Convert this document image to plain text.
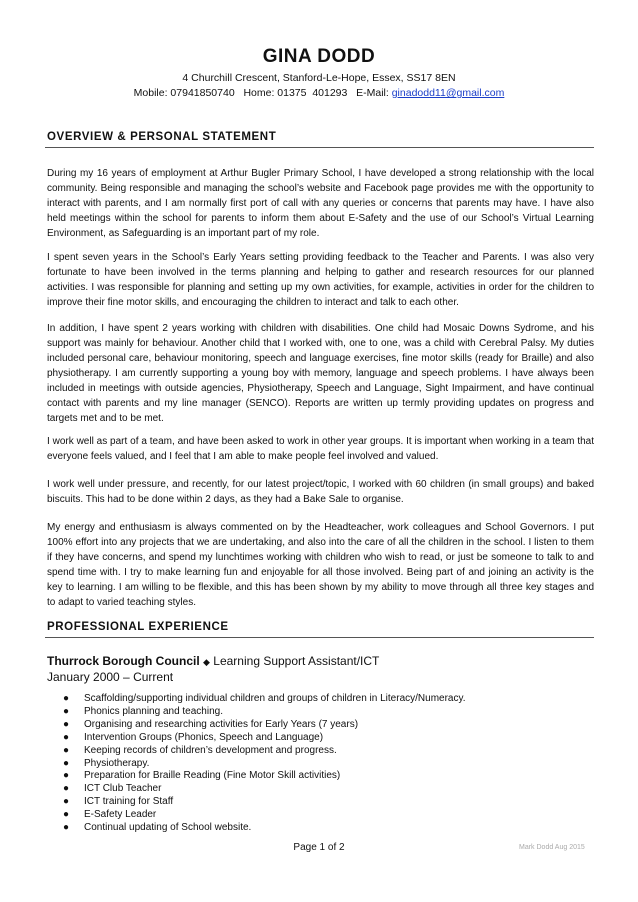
GINA DODD
4 Churchill Crescent, Stanford-Le-Hope, Essex, SS17 8EN
Mobile: 07941850740 Home: 01375  401293 E-Mail: ginadodd11@gmail.com
OVERVIEW & PERSONAL STATEMENT
During my 16 years of employment at Arthur Bugler Primary School, I have developed a strong relationship with the local community. Being responsible and managing the school’s website and Facebook page provides me with the opportunity to interact with parents, and I am normally first port of call with any queries or concerns that parents may have. I have also held meetings within the school for parents to inform them about E-Safety and the use of our School’s Virtual Learning Environment, as Safeguarding is an important part of my role.
I spent seven years in the School’s Early Years setting providing feedback to the Teacher and Parents. I was also very fortunate to have been involved in the terms planning and helping to gather and research resources for our planned activities. I was responsible for planning and setting up my own activities, for example, activities in order for the children to improve their fine motor skills, and encouraging the children to interact and talk to each other.
In addition, I have spent 2 years working with children with disabilities. One child had Mosaic Downs Sydrome, and his support was mainly for behaviour. Another child that I worked with, one to one, was a child with Cerebral Palsy. My duties included personal care, behaviour monitoring, speech and language exercises, fine motor skills (ready for Braille) and also physiotherapy. I am currently supporting a young boy with memory, language and speech problems. I have always been included in meetings with outside agencies, Physiotherapy, Speech and Language, Sight Impairment, and have continual contact with parents and my line manager (SENCO). Reports are written up termly providing updates on progress and targets met and to be met.
I work well as part of a team, and have been asked to work in other year groups. It is important when working in a team that everyone feels valued, and I feel that I am able to make people feel involved and valued.
I work well under pressure, and recently, for our latest project/topic, I worked with 60 children (in small groups) and baked biscuits. This had to be done within 2 days, as they had a Bake Sale to organise.
My energy and enthusiasm is always commented on by the Headteacher, work colleagues and School Governors. I put 100% effort into any projects that we are undertaking, and also into the care of all the children in the school. I listen to them if they have concerns, and spend my lunchtimes working with children who wish to read, or just be someone to talk to and spend time with. I try to make learning fun and enjoyable for all those involved. Being part of and joining an activity is the key to learning. I am willing to be flexible, and this has been shown by my ability to move through all three key stages and to adapt to varied teaching styles.
PROFESSIONAL EXPERIENCE
Thurrock Borough Council ◆ Learning Support Assistant/ICT
January 2000 – Current
● Scaffolding/supporting individual children and groups of children in Literacy/Numeracy.
● Phonics planning and teaching.
● Organising and researching activities for Early Years (7 years)
● Intervention Groups (Phonics, Speech and Language)
● Keeping records of children’s development and progress.
● Physiotherapy.
● Preparation for Braille Reading (Fine Motor Skill activities)
● ICT Club Teacher
● ICT training for Staff
● E-Safety Leader
● Continual updating of School website.
Page 1 of 2	Mark Dodd Aug 2015
